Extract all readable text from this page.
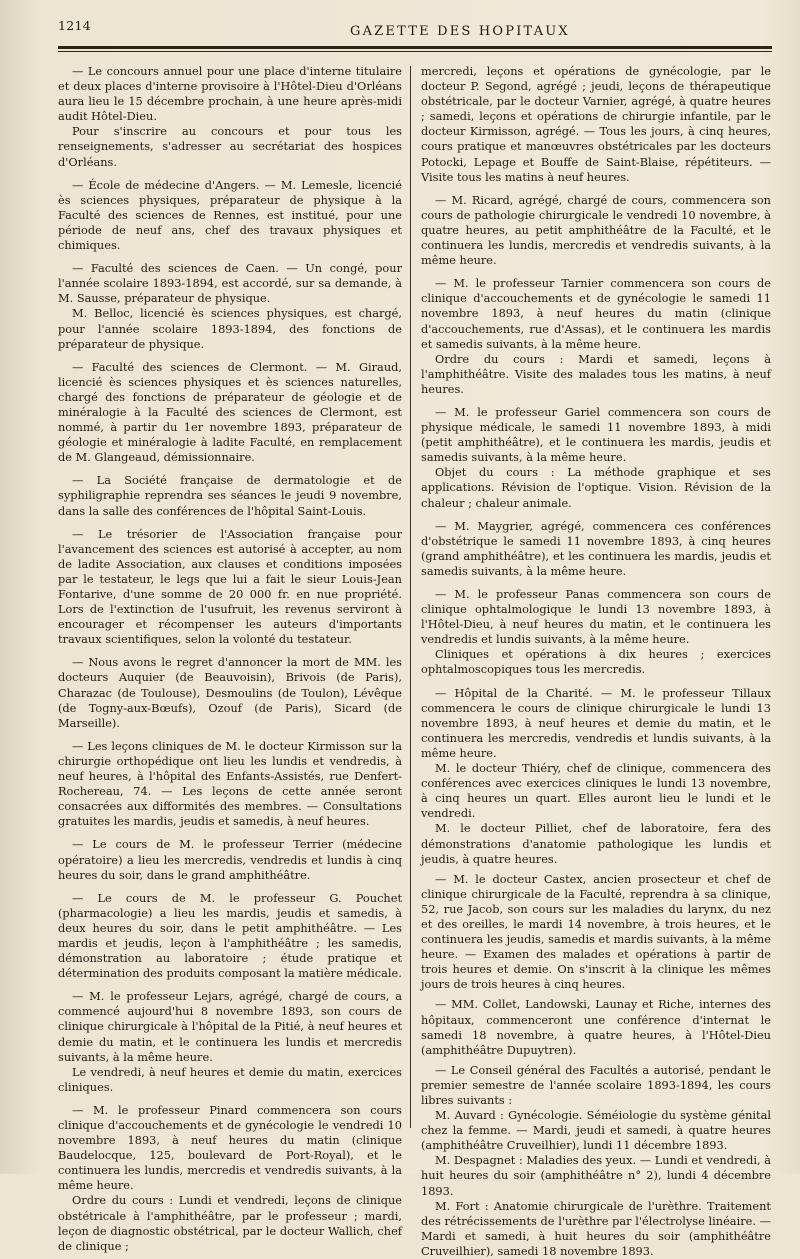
1214	GAZETTE DES HOPITAUX

— Le concours annuel pour une place d'interne titulaire et deux places d'interne provisoire à l'Hôtel-Dieu d'Orléans aura lieu le 15 décembre prochain, à une heure après-midi audit Hôtel-Dieu.

Pour s'inscrire au concours et pour tous les renseignements, s'adresser au secrétariat des hospices d'Orléans.

— École de médecine d'Angers. — M. Lemesle, licencié ès sciences physiques, préparateur de physique à la Faculté des sciences de Rennes, est institué, pour une période de neuf ans, chef des travaux physiques et chimiques.

— Faculté des sciences de Caen. — Un congé, pour l'année scolaire 1893-1894, est accordé, sur sa demande, à M. Sausse, préparateur de physique.

M. Belloc, licencié ès sciences physiques, est chargé, pour l'année scolaire 1893-1894, des fonctions de préparateur de physique.

— Faculté des sciences de Clermont. — M. Giraud, licencié ès sciences physiques et ès sciences naturelles, chargé des fonctions de préparateur de géologie et de minéralogie à la Faculté des sciences de Clermont, est nommé, à partir du 1er novembre 1893, préparateur de géologie et minéralogie à ladite Faculté, en remplacement de M. Glangeaud, démissionnaire.

— La Société française de dermatologie et de syphiligraphie reprendra ses séances le jeudi 9 novembre, dans la salle des conférences de l'hôpital Saint-Louis.

— Le trésorier de l'Association française pour l'avancement des sciences est autorisé à accepter, au nom de ladite Association, aux clauses et conditions imposées par le testateur, le legs que lui a fait le sieur Louis-Jean Fontarive, d'une somme de 20 000 fr. en nue propriété. Lors de l'extinction de l'usufruit, les revenus serviront à encourager et récompenser les auteurs d'importants travaux scientifiques, selon la volonté du testateur.

— Nous avons le regret d'annoncer la mort de MM. les docteurs Auquier (de Beauvoisin), Brivois (de Paris), Charazac (de Toulouse), Desmoulins (de Toulon), Lévêque (de Togny-aux-Bœufs), Ozouf (de Paris), Sicard (de Marseille).

— Les leçons cliniques de M. le docteur Kirmisson sur la chirurgie orthopédique ont lieu les lundis et vendredis, à neuf heures, à l'hôpital des Enfants-Assistés, rue Denfert-Rochereau, 74. — Les leçons de cette année seront consacrées aux difformités des membres. — Consultations gratuites les mardis, jeudis et samedis, à neuf heures.

— Le cours de M. le professeur Terrier (médecine opératoire) a lieu les mercredis, vendredis et lundis à cinq heures du soir, dans le grand amphithéâtre.

— Le cours de M. le professeur G. Pouchet (pharmacologie) a lieu les mardis, jeudis et samedis, à deux heures du soir, dans le petit amphithéâtre. — Les mardis et jeudis, leçon à l'amphithéâtre ; les samedis, démonstration au laboratoire ; étude pratique et détermination des produits composant la matière médicale.

— M. le professeur Lejars, agrégé, chargé de cours, a commencé aujourd'hui 8 novembre 1893, son cours de clinique chirurgicale à l'hôpital de la Pitié, à neuf heures et demie du matin, et le continuera les lundis et mercredis suivants, à la même heure.

Le vendredi, à neuf heures et demie du matin, exercices cliniques.

— M. le professeur Pinard commencera son cours clinique d'accouchements et de gynécologie le vendredi 10 novembre 1893, à neuf heures du matin (clinique Baudelocque, 125, boulevard de Port-Royal), et le continuera les lundis, mercredis et vendredis suivants, à la même heure.

Ordre du cours : Lundi et vendredi, leçons de clinique obstétricale à l'amphithéâtre, par le professeur ; mardi, leçon de diagnostic obstétrical, par le docteur Wallich, chef de clinique ;

mercredi, leçons et opérations de gynécologie, par le docteur P. Segond, agrégé ; jeudi, leçons de thérapeutique obstétricale, par le docteur Varnier, agrégé, à quatre heures ; samedi, leçons et opérations de chirurgie infantile, par le docteur Kirmisson, agrégé. — Tous les jours, à cinq heures, cours pratique et manœuvres obstétricales par les docteurs Potocki, Lepage et Bouffe de Saint-Blaise, répétiteurs. — Visite tous les matins à neuf heures.

— M. Ricard, agrégé, chargé de cours, commencera son cours de pathologie chirurgicale le vendredi 10 novembre, à quatre heures, au petit amphithéâtre de la Faculté, et le continuera les lundis, mercredis et vendredis suivants, à la même heure.

— M. le professeur Tarnier commencera son cours de clinique d'accouchements et de gynécologie le samedi 11 novembre 1893, à neuf heures du matin (clinique d'accouchements, rue d'Assas), et le continuera les mardis et samedis suivants, à la même heure.

Ordre du cours : Mardi et samedi, leçons à l'amphithéâtre. Visite des malades tous les matins, à neuf heures.

— M. le professeur Gariel commencera son cours de physique médicale, le samedi 11 novembre 1893, à midi (petit amphithéâtre), et le continuera les mardis, jeudis et samedis suivants, à la même heure.

Objet du cours : La méthode graphique et ses applications. Révision de l'optique. Vision. Révision de la chaleur ; chaleur animale.

— M. Maygrier, agrégé, commencera ces conférences d'obstétrique le samedi 11 novembre 1893, à cinq heures (grand amphithéâtre), et les continuera les mardis, jeudis et samedis suivants, à la même heure.

— M. le professeur Panas commencera son cours de clinique ophtalmologique le lundi 13 novembre 1893, à l'Hôtel-Dieu, à neuf heures du matin, et le continuera les vendredis et lundis suivants, à la même heure.

Cliniques et opérations à dix heures ; exercices ophtalmoscopiques tous les mercredis.

— Hôpital de la Charité. — M. le professeur Tillaux commencera le cours de clinique chirurgicale le lundi 13 novembre 1893, à neuf heures et demie du matin, et le continuera les mercredis, vendredis et lundis suivants, à la même heure.

M. le docteur Thiéry, chef de clinique, commencera des conférences avec exercices cliniques le lundi 13 novembre, à cinq heures un quart. Elles auront lieu le lundi et le vendredi.

M. le docteur Pilliet, chef de laboratoire, fera des démonstrations d'anatomie pathologique les lundis et jeudis, à quatre heures.

— M. le docteur Castex, ancien prosecteur et chef de clinique chirurgicale de la Faculté, reprendra à sa clinique, 52, rue Jacob, son cours sur les maladies du larynx, du nez et des oreilles, le mardi 14 novembre, à trois heures, et le continuera les jeudis, samedis et mardis suivants, à la même heure. — Examen des malades et opérations à partir de trois heures et demie. On s'inscrit à la clinique les mêmes jours de trois heures à cinq heures.

— MM. Collet, Landowski, Launay et Riche, internes des hôpitaux, commenceront une conférence d'internat le samedi 18 novembre, à quatre heures, à l'Hôtel-Dieu (amphithéâtre Dupuytren).

— Le Conseil général des Facultés a autorisé, pendant le premier semestre de l'année scolaire 1893-1894, les cours libres suivants :

M. Auvard : Gynécologie. Séméiologie du système génital chez la femme. — Mardi, jeudi et samedi, à quatre heures (amphithéâtre Cruveilhier), lundi 11 décembre 1893.

M. Despagnet : Maladies des yeux. — Lundi et vendredi, à huit heures du soir (amphithéâtre n° 2), lundi 4 décembre 1893.

M. Fort : Anatomie chirurgicale de l'urèthre. Traitement des rétrécissements de l'urèthre par l'électrolyse linéaire. — Mardi et samedi, à huit heures du soir (amphithéâtre Cruveilhier), samedi 18 novembre 1893.
